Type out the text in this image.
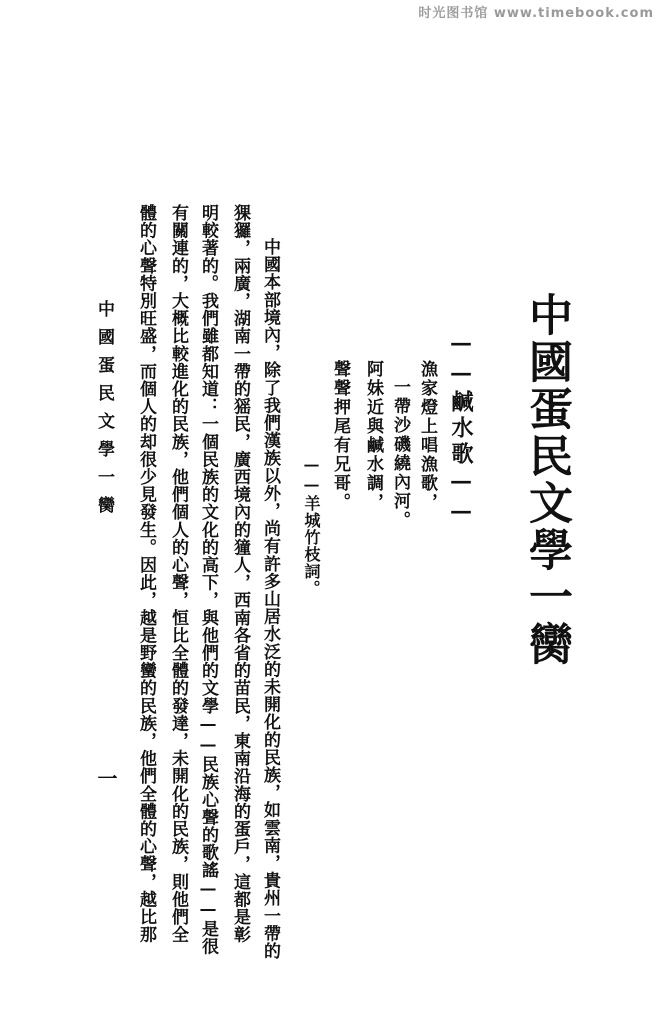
时光图书馆 www.timebook.com
中國蛋民文學一臠
——鹹水歌——
漁家燈上唱漁歌，
一帶沙磯繞內河。
阿妹近與鹹水調，
聲聲押尾有兄哥。
——羊城竹枝詞。
中國本部境內，除了我們漢族以外，尚有許多山居水泛的未開化的民族，如雲南，貴州一帶的
猓玀，兩廣，湖南一帶的猺民，廣西境內的獞人，西南各省的苗民，東南沿海的蛋戶，這都是彰
明較著的。我們雖都知道：一個民族的文化的高下，與他們的文學——民族心聲的歌謠——是很
有關連的，大概比較進化的民族，他們個人的心聲，恒比全體的發達，未開化的民族，則他們全
體的心聲特別旺盛，而個人的却很少見發生。因此，越是野蠻的民族，他們全體的心聲，越比那
中國蛋民文學一臠
一
